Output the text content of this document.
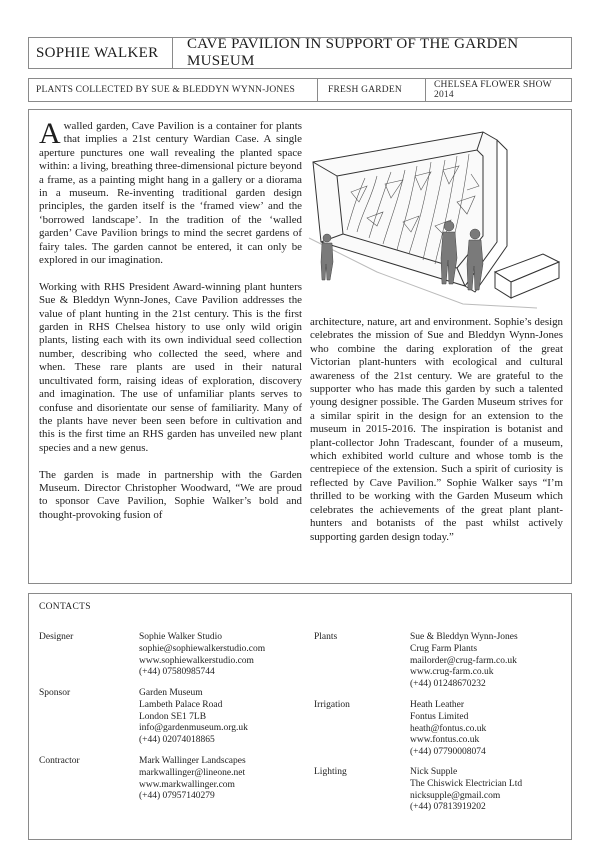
SOPHIE WALKER
CAVE PAVILION IN SUPPORT OF THE GARDEN MUSEUM
PLANTS COLLECTED BY SUE & BLEDDYN WYNN-JONES	FRESH GARDEN	CHELSEA FLOWER SHOW 2014

A walled garden, Cave Pavilion is a container for plants that implies a 21st century Wardian Case. A single aperture punctures one wall revealing the planted space within: a living, breathing three-dimensional picture beyond a frame, as a painting might hang in a gallery or a diorama in a museum. Re-inventing traditional garden design principles, the garden itself is the ‘framed view’ and the ‘borrowed landscape’. In the tradition of the ‘walled garden’ Cave Pavilion brings to mind the secret gardens of fairy tales. The garden cannot be entered, it can only be explored in our imagination.

Working with RHS President Award-winning plant hunters Sue & Bleddyn Wynn-Jones, Cave Pavilion addresses the value of plant hunting in the 21st century. This is the first garden in RHS Chelsea history to use only wild origin plants, listing each with its own individual seed collection number, describing who collected the seed, where and when. These rare plants are used in their natural uncultivated form, raising ideas of exploration, discovery and imagination. The use of unfamiliar plants serves to confuse and disorientate our sense of familiarity. Many of the plants have never been seen before in cultivation and this is the first time an RHS garden has unveiled new plant species and a new genus.

The garden is made in partnership with the Garden Museum. Director Christopher Woodward, “We are proud to sponsor Cave Pavilion, Sophie Walker’s bold and thought-provoking fusion of

architecture, nature, art and environment. Sophie’s design celebrates the mission of Sue and Bleddyn Wynn-Jones who combine the daring exploration of the great Victorian plant-hunters with ecological and cultural awareness of the 21st century. We are grateful to the supporter who has made this garden by such a talented young designer possible. The Garden Museum strives for a similar spirit in the design for an extension to the museum in 2015-2016. The inspiration is botanist and plant-collector John Tradescant, founder of a museum, which exhibited world culture and whose tomb is the centrepiece of the extension. Such a spirit of curiosity is reflected by Cave Pavilion.” Sophie Walker says “I’m thrilled to be working with the Garden Museum which celebrates the achievements of the great plant plant-hunters and botanists of the past whilst actively supporting garden design today.”

CONTACTS
Designer	Sophie Walker Studio
sophie@sophiewalkerstudio.com
www.sophiewalkerstudio.com
(+44) 07580985744
Sponsor	Garden Museum
Lambeth Palace Road
London SE1 7LB
info@gardenmuseum.org.uk
(+44) 02074018865
Contractor	Mark Wallinger Landscapes
markwallinger@lineone.net
www.markwallinger.com
(+44) 07957140279
Plants	Sue & Bleddyn Wynn-Jones
Crug Farm Plants
mailorder@crug-farm.co.uk
www.crug-farm.co.uk
(+44) 01248670232
Irrigation	Heath Leather
Fontus Limited
heath@fontus.co.uk
www.fontus.co.uk
(+44) 07790008074
Lighting	Nick Supple
The Chiswick Electrician Ltd
nicksupple@gmail.com
(+44) 07813919202
